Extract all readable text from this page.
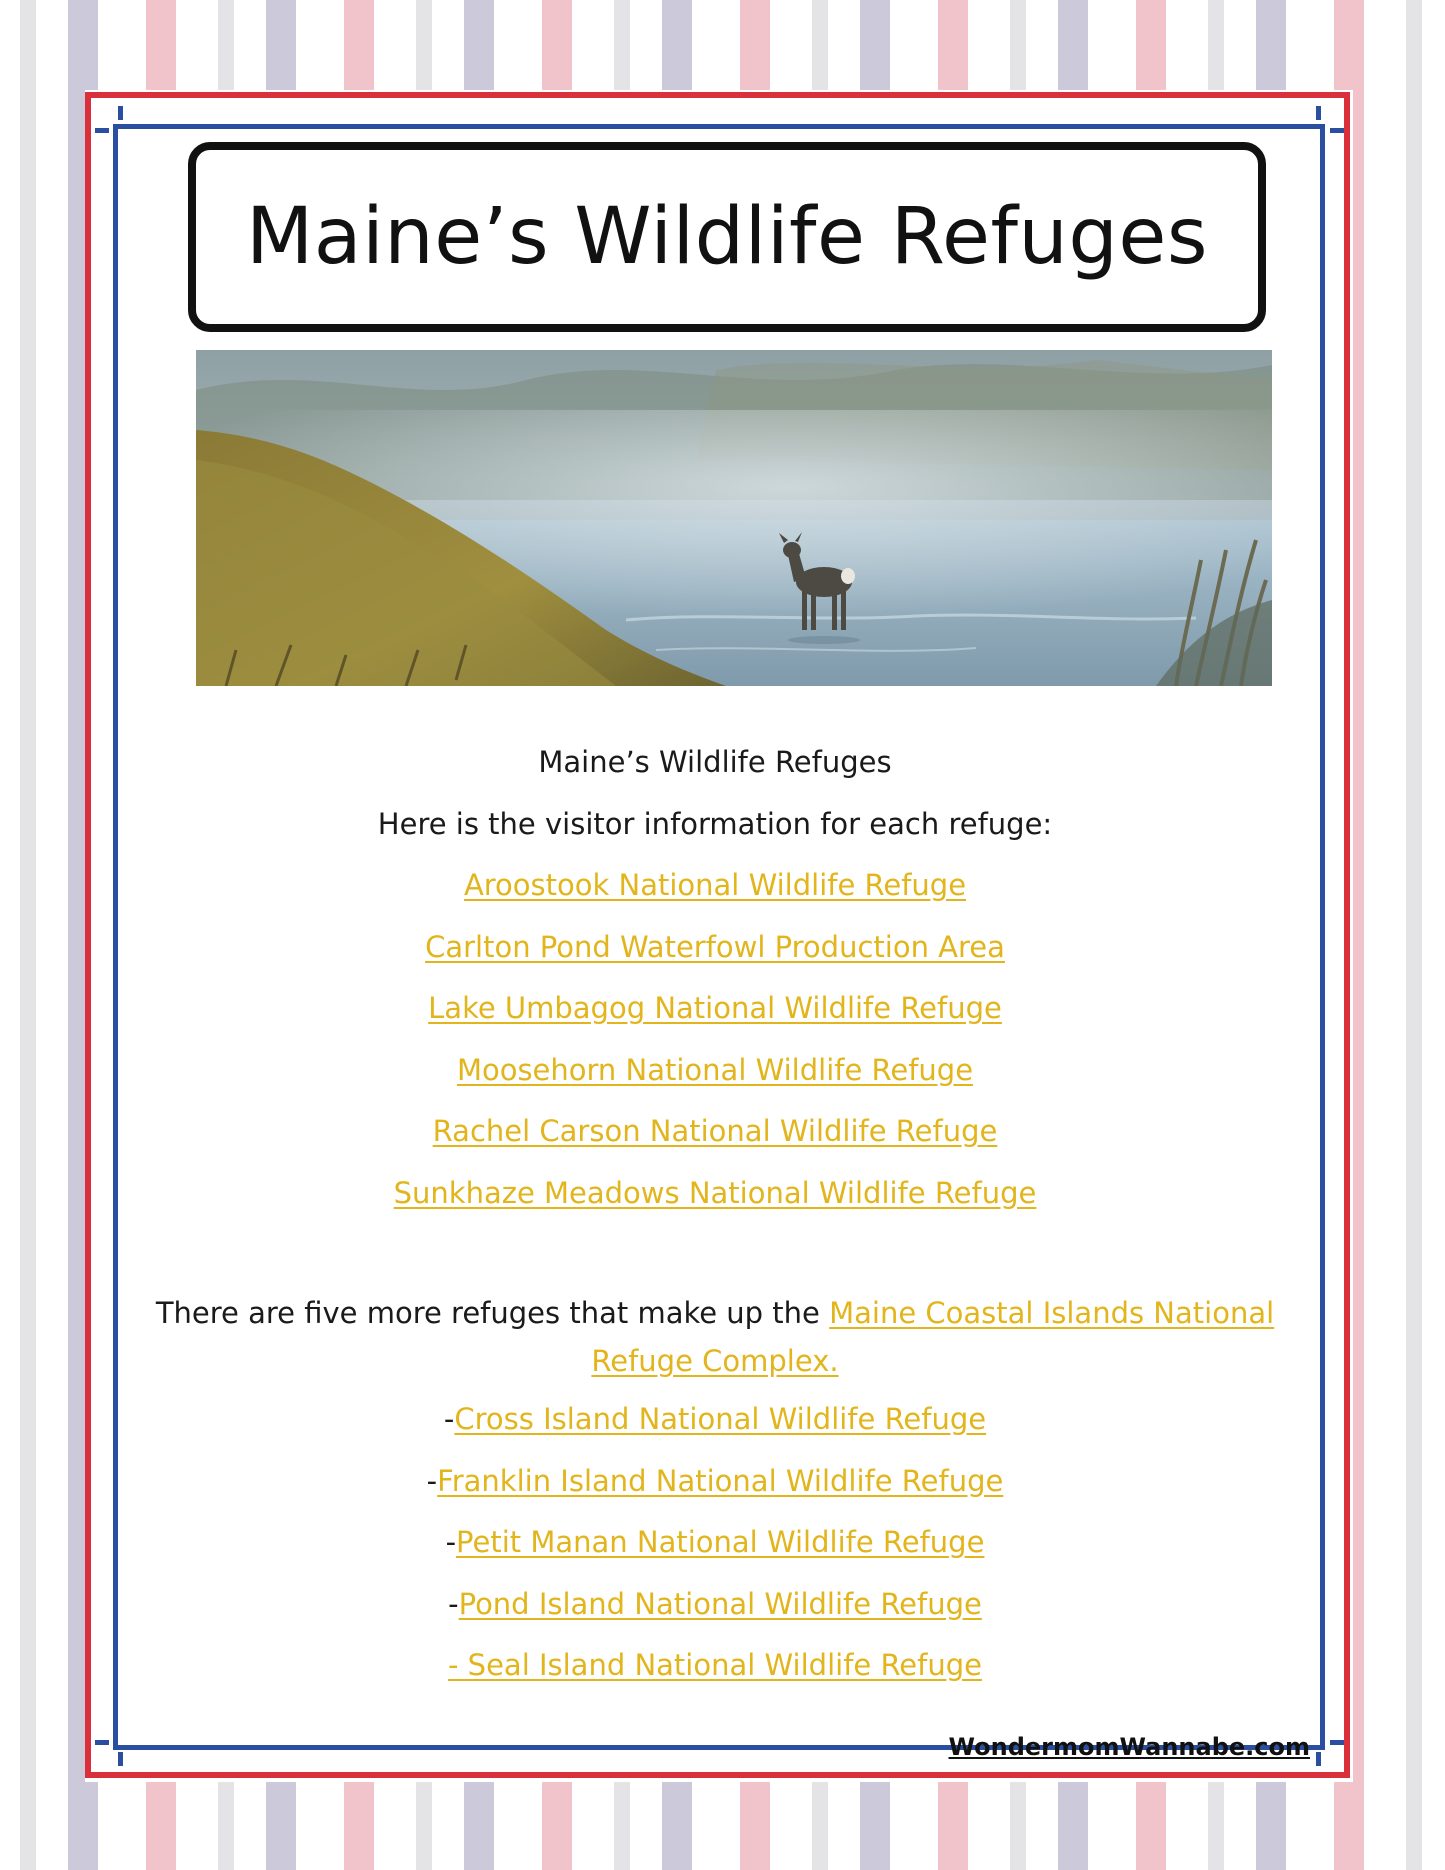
Maine’s Wildlife Refuges
Maine’s Wildlife Refuges
Here is the visitor information for each refuge:
Aroostook National Wildlife Refuge
Carlton Pond Waterfowl Production Area
Lake Umbagog National Wildlife Refuge
Moosehorn National Wildlife Refuge
Rachel Carson National Wildlife Refuge
Sunkhaze Meadows National Wildlife Refuge
There are five more refuges that make up the Maine Coastal Islands National Refuge Complex.
-Cross Island National Wildlife Refuge
-Franklin Island National Wildlife Refuge
-Petit Manan National Wildlife Refuge
-Pond Island National Wildlife Refuge
- Seal Island National Wildlife Refuge
WondermomWannabe.com
